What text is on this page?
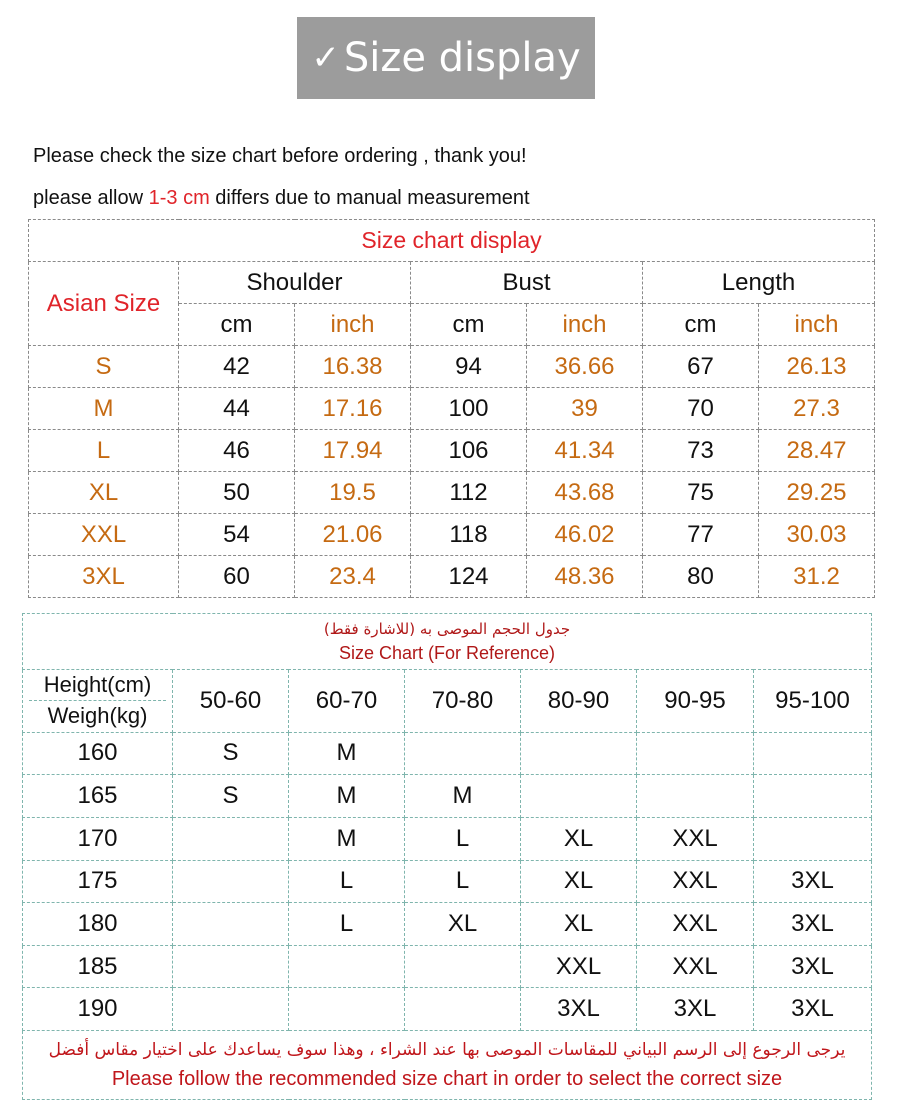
✓ Size display
Please check the size chart before ordering , thank you!
please allow 1-3 cm differs due to manual measurement
Size chart display						
Asian Size	Shoulder		Bust		Length	
	cm	inch	cm	inch	cm	inch
S	42	16.38	94	36.66	67	26.13
M	44	17.16	100	39	70	27.3
L	46	17.94	106	41.34	73	28.47
XL	50	19.5	112	43.68	75	29.25
XXL	54	21.06	118	46.02	77	30.03
3XL	60	23.4	124	48.36	80	31.2
جدول الحجم الموصى به (للاشارة فقط)
Size Chart (For Reference)						

Height(cm)
Weigh(kg)	50-60	60-70	70-80	80-90	90-95	95-100
160	S	M				
165	S	M	M			
170		M	L	XL	XXL	
175		L	L	XL	XXL	3XL
180		L	XL	XL	XXL	3XL
185				XXL	XXL	3XL
190				3XL	3XL	3XL

يرجى الرجوع إلى الرسم البياني للمقاسات الموصى بها عند الشراء ، وهذا سوف يساعدك على اختيار مقاس أفضل
Please follow the recommended size chart in order to select the correct size						
